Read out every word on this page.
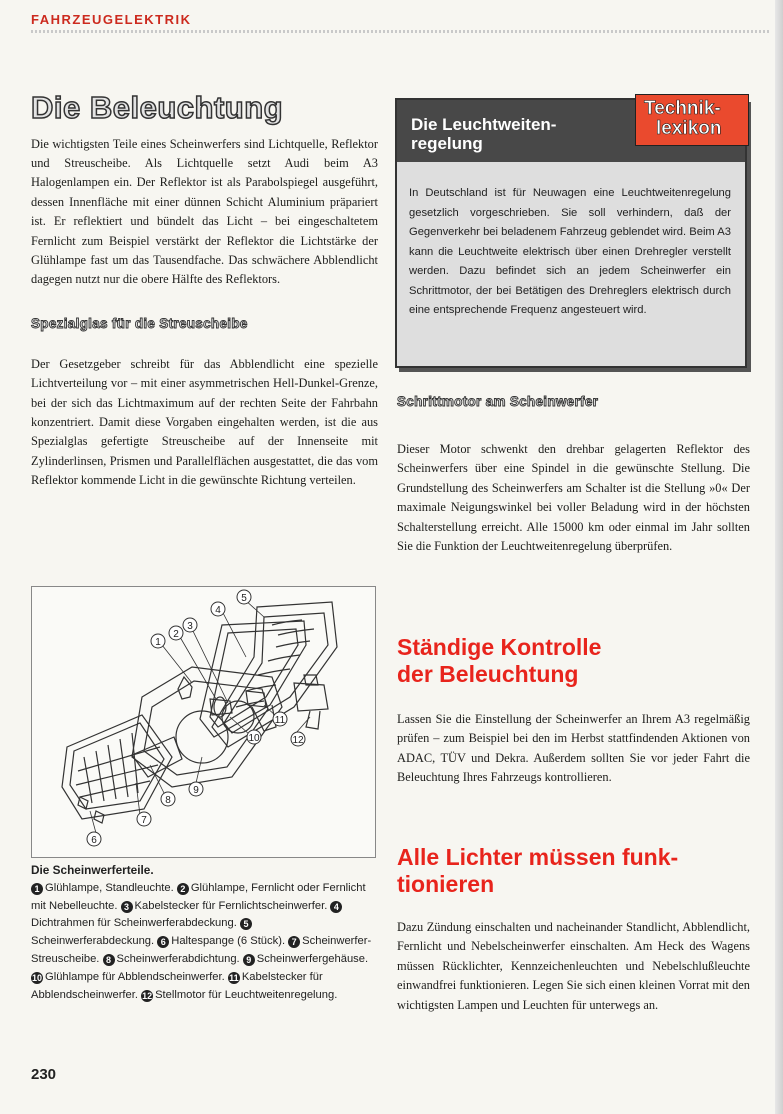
FAHRZEUGELEKTRIK
Die Beleuchtung

Die wichtigsten Teile eines Scheinwerfers sind Lichtquelle, Reflektor und Streuscheibe. Als Lichtquelle setzt Audi beim A3 Halogenlampen ein. Der Reflektor ist als Parabolspiegel ausgeführt, dessen Innenfläche mit einer dünnen Schicht Aluminium präpariert ist. Er reflektiert und bündelt das Licht – bei eingeschaltetem Fernlicht zum Beispiel verstärkt der Reflektor die Lichtstärke der Glühlampe fast um das Tausendfache. Das schwächere Abblendlicht dagegen nutzt nur die obere Hälfte des Reflektors.

Spezialglas für die Streuscheibe

Der Gesetzgeber schreibt für das Abblendlicht eine spezielle Lichtverteilung vor – mit einer asymmetrischen Hell-Dunkel-Grenze, bei der sich das Lichtmaximum auf der rechten Seite der Fahrbahn konzentriert. Damit diese Vorgaben eingehalten werden, ist die aus Spezialglas gefertigte Streuscheibe auf der Innenseite mit Zylinderlinsen, Prismen und Parallelflächen ausgestattet, die das vom Reflektor kommende Licht in die gewünschte Richtung verteilen.

1
2
3
4
5
6
7
8
9
10
11
12
Die Scheinwerferteile.
1 Glühlampe, Standleuchte. 2 Glühlampe, Fernlicht oder Fernlicht mit Nebelleuchte. 3 Kabelstecker für Fernlichtscheinwerfer. 4Dichtrahmen für Scheinwerferabdeckung. 5Scheinwerferabdeckung. 6 Haltespange (6 Stück). 7 Scheinwerfer-Streuscheibe. 8 Scheinwerferabdichtung. 9 Scheinwerfergehäuse. 10 Glühlampe für Abblendscheinwerfer. 11 Kabelstecker für Abblendscheinwerfer. 12 Stellmotor für Leuchtweitenregelung.
Die Leuchtweiten-
regelung
Technik-
lexikon
In Deutschland ist für Neuwagen eine Leuchtweitenregelung gesetzlich vorgeschrieben. Sie soll verhindern, daß der Gegenverkehr bei beladenem Fahrzeug geblendet wird. Beim A3 kann die Leuchtweite elektrisch über einen Drehregler verstellt werden. Dazu befindet sich an jedem Scheinwerfer ein Schrittmotor, der bei Betätigen des Drehreglers elektrisch durch eine entsprechende Frequenz angesteuert wird.
Schrittmotor am Scheinwerfer

Dieser Motor schwenkt den drehbar gelagerten Reflektor des Scheinwerfers über eine Spindel in die gewünschte Stellung. Die Grundstellung des Scheinwerfers am Schalter ist die Stellung »0« Der maximale Neigungswinkel bei voller Beladung wird in der höchsten Schalterstellung erreicht. Alle 15000 km oder einmal im Jahr sollten Sie die Funktion der Leuchtweitenregelung überprüfen.

Ständige Kontrolle
der Beleuchtung

Lassen Sie die Einstellung der Scheinwerfer an Ihrem A3 regelmäßig prüfen – zum Beispiel bei den im Herbst stattfindenden Aktionen von ADAC, TÜV und Dekra. Außerdem sollten Sie vor jeder Fahrt die Beleuchtung Ihres Fahrzeugs kontrollieren.

Alle Lichter müssen funk-
tionieren

Dazu Zündung einschalten und nacheinander Standlicht, Abblendlicht, Fernlicht und Nebelscheinwerfer einschalten. Am Heck des Wagens müssen Rücklichter, Kennzeichenleuchten und Nebelschlußleuchte einwandfrei funktionieren. Legen Sie sich einen kleinen Vorrat mit den wichtigsten Lampen und Leuchten für unterwegs an.

230
